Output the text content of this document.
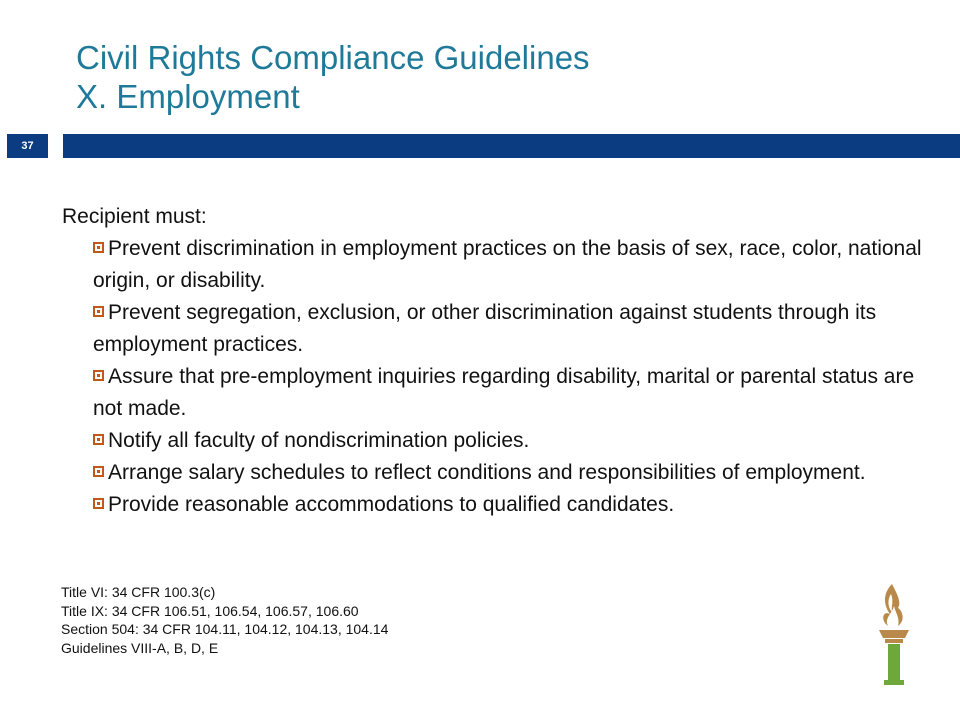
Civil Rights Compliance Guidelines
X. Employment
37
Recipient must:
Prevent discrimination in employment practices on the basis of sex, race, color, national origin, or disability.
Prevent segregation, exclusion, or other discrimination against students through its employment practices.
Assure that pre-employment inquiries regarding disability, marital or parental status are not made.
Notify all faculty of nondiscrimination policies.
Arrange salary schedules to reflect conditions and responsibilities of employment.
Provide reasonable accommodations to qualified candidates.
Title VI: 34 CFR 100.3(c)
Title IX: 34 CFR 106.51, 106.54, 106.57, 106.60
Section 504: 34 CFR 104.11, 104.12, 104.13, 104.14
Guidelines VIII-A, B, D, E
